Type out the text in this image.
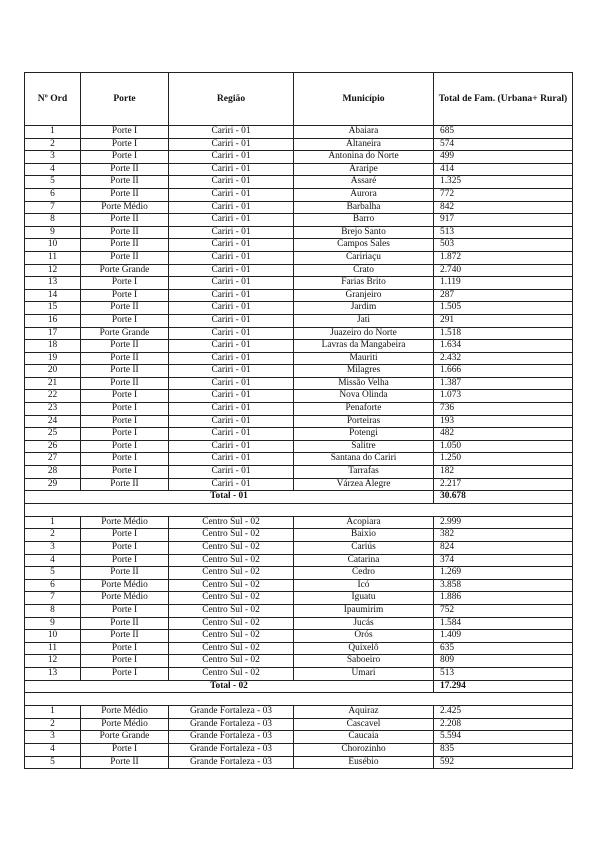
Nº Ord	Porte	Região	Município	Total de Fam. (Urbana+ Rural)
1	Porte I	Cariri - 01	Abaiara	685
2	Porte I	Cariri - 01	Altaneira	574
3	Porte I	Cariri - 01	Antonina do Norte	499
4	Porte II	Cariri - 01	Araripe	414
5	Porte II	Cariri - 01	Assaré	1.325
6	Porte II	Cariri - 01	Aurora	772
7	Porte Médio	Cariri - 01	Barbalha	842
8	Porte II	Cariri - 01	Barro	917
9	Porte II	Cariri - 01	Brejo Santo	513
10	Porte II	Cariri - 01	Campos Sales	503
11	Porte II	Cariri - 01	Caririaçu	1.872
12	Porte Grande	Cariri - 01	Crato	2.740
13	Porte I	Cariri - 01	Farias Brito	1.119
14	Porte I	Cariri - 01	Granjeiro	287
15	Porte II	Cariri - 01	Jardim	1.505
16	Porte I	Cariri - 01	Jati	291
17	Porte Grande	Cariri - 01	Juazeiro do Norte	1.518
18	Porte II	Cariri - 01	Lavras da Mangabeira	1.634
19	Porte II	Cariri - 01	Mauriti	2.432
20	Porte II	Cariri - 01	Milagres	1.666
21	Porte II	Cariri - 01	Missão Velha	1.387
22	Porte I	Cariri - 01	Nova Olinda	1.073
23	Porte I	Cariri - 01	Penaforte	736
24	Porte I	Cariri - 01	Porteiras	193
25	Porte I	Cariri - 01	Potengi	482
26	Porte I	Cariri - 01	Salitre	1.050
27	Porte I	Cariri - 01	Santana do Cariri	1.250
28	Porte I	Cariri - 01	Tarrafas	182
29	Porte II	Cariri - 01	Várzea Alegre	2.217
Total - 01				30.678

1	Porte Médio	Centro Sul - 02	Acopiara	2.999
2	Porte I	Centro Sul - 02	Baixio	382
3	Porte I	Centro Sul - 02	Cariús	824
4	Porte I	Centro Sul - 02	Catarina	374
5	Porte II	Centro Sul - 02	Cedro	1.269
6	Porte Médio	Centro Sul - 02	Icó	3.858
7	Porte Médio	Centro Sul - 02	Iguatu	1.886
8	Porte I	Centro Sul - 02	Ipaumirim	752
9	Porte II	Centro Sul - 02	Jucás	1.584
10	Porte II	Centro Sul - 02	Orós	1.409
11	Porte I	Centro Sul - 02	Quixelô	635
12	Porte I	Centro Sul - 02	Saboeiro	809
13	Porte I	Centro Sul - 02	Umari	513
Total - 02				17.294

1	Porte Médio	Grande Fortaleza - 03	Aquiraz	2.425
2	Porte Médio	Grande Fortaleza - 03	Cascavel	2.208
3	Porte Grande	Grande Fortaleza - 03	Caucaia	5.594
4	Porte I	Grande Fortaleza - 03	Chorozinho	835
5	Porte II	Grande Fortaleza - 03	Eusébio	592
